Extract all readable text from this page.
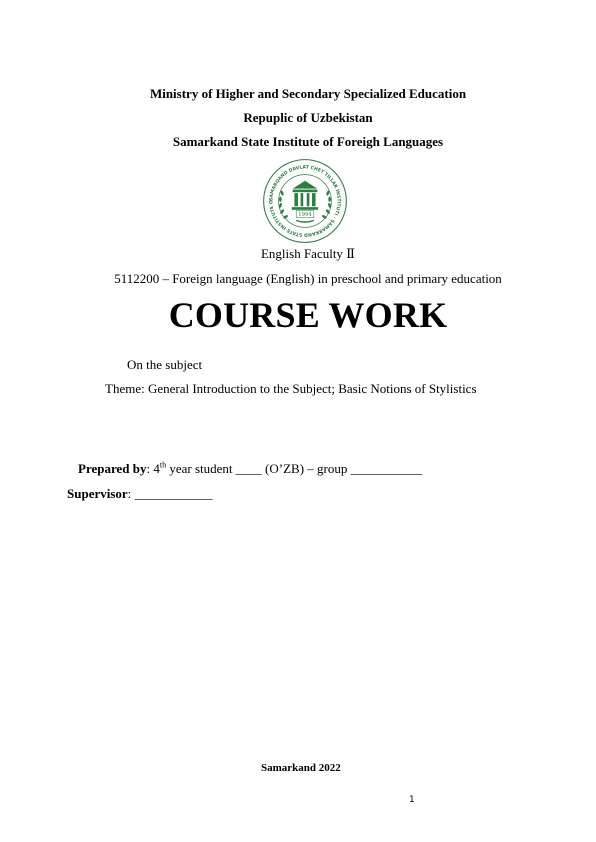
Ministry of Higher and Secondary Specialized Education
Repuplic of Uzbekistan
Samarkand State Institute of Foreigh Languages
SAMARQAND DAVLAT CHET TILLAR INSTITUTI · SAMARKAND STATE INSTITUTE O
1994
English Faculty Ⅱ
5112200 – Foreign language (English) in preschool and primary education
COURSE WORK
On the subject
Theme: General Introduction to the Subject; Basic Notions of Stylistics
Prepared by: 4th year student ____ (O’ZB) – group ___________
Supervisor: ____________
Samarkand 2022
1
